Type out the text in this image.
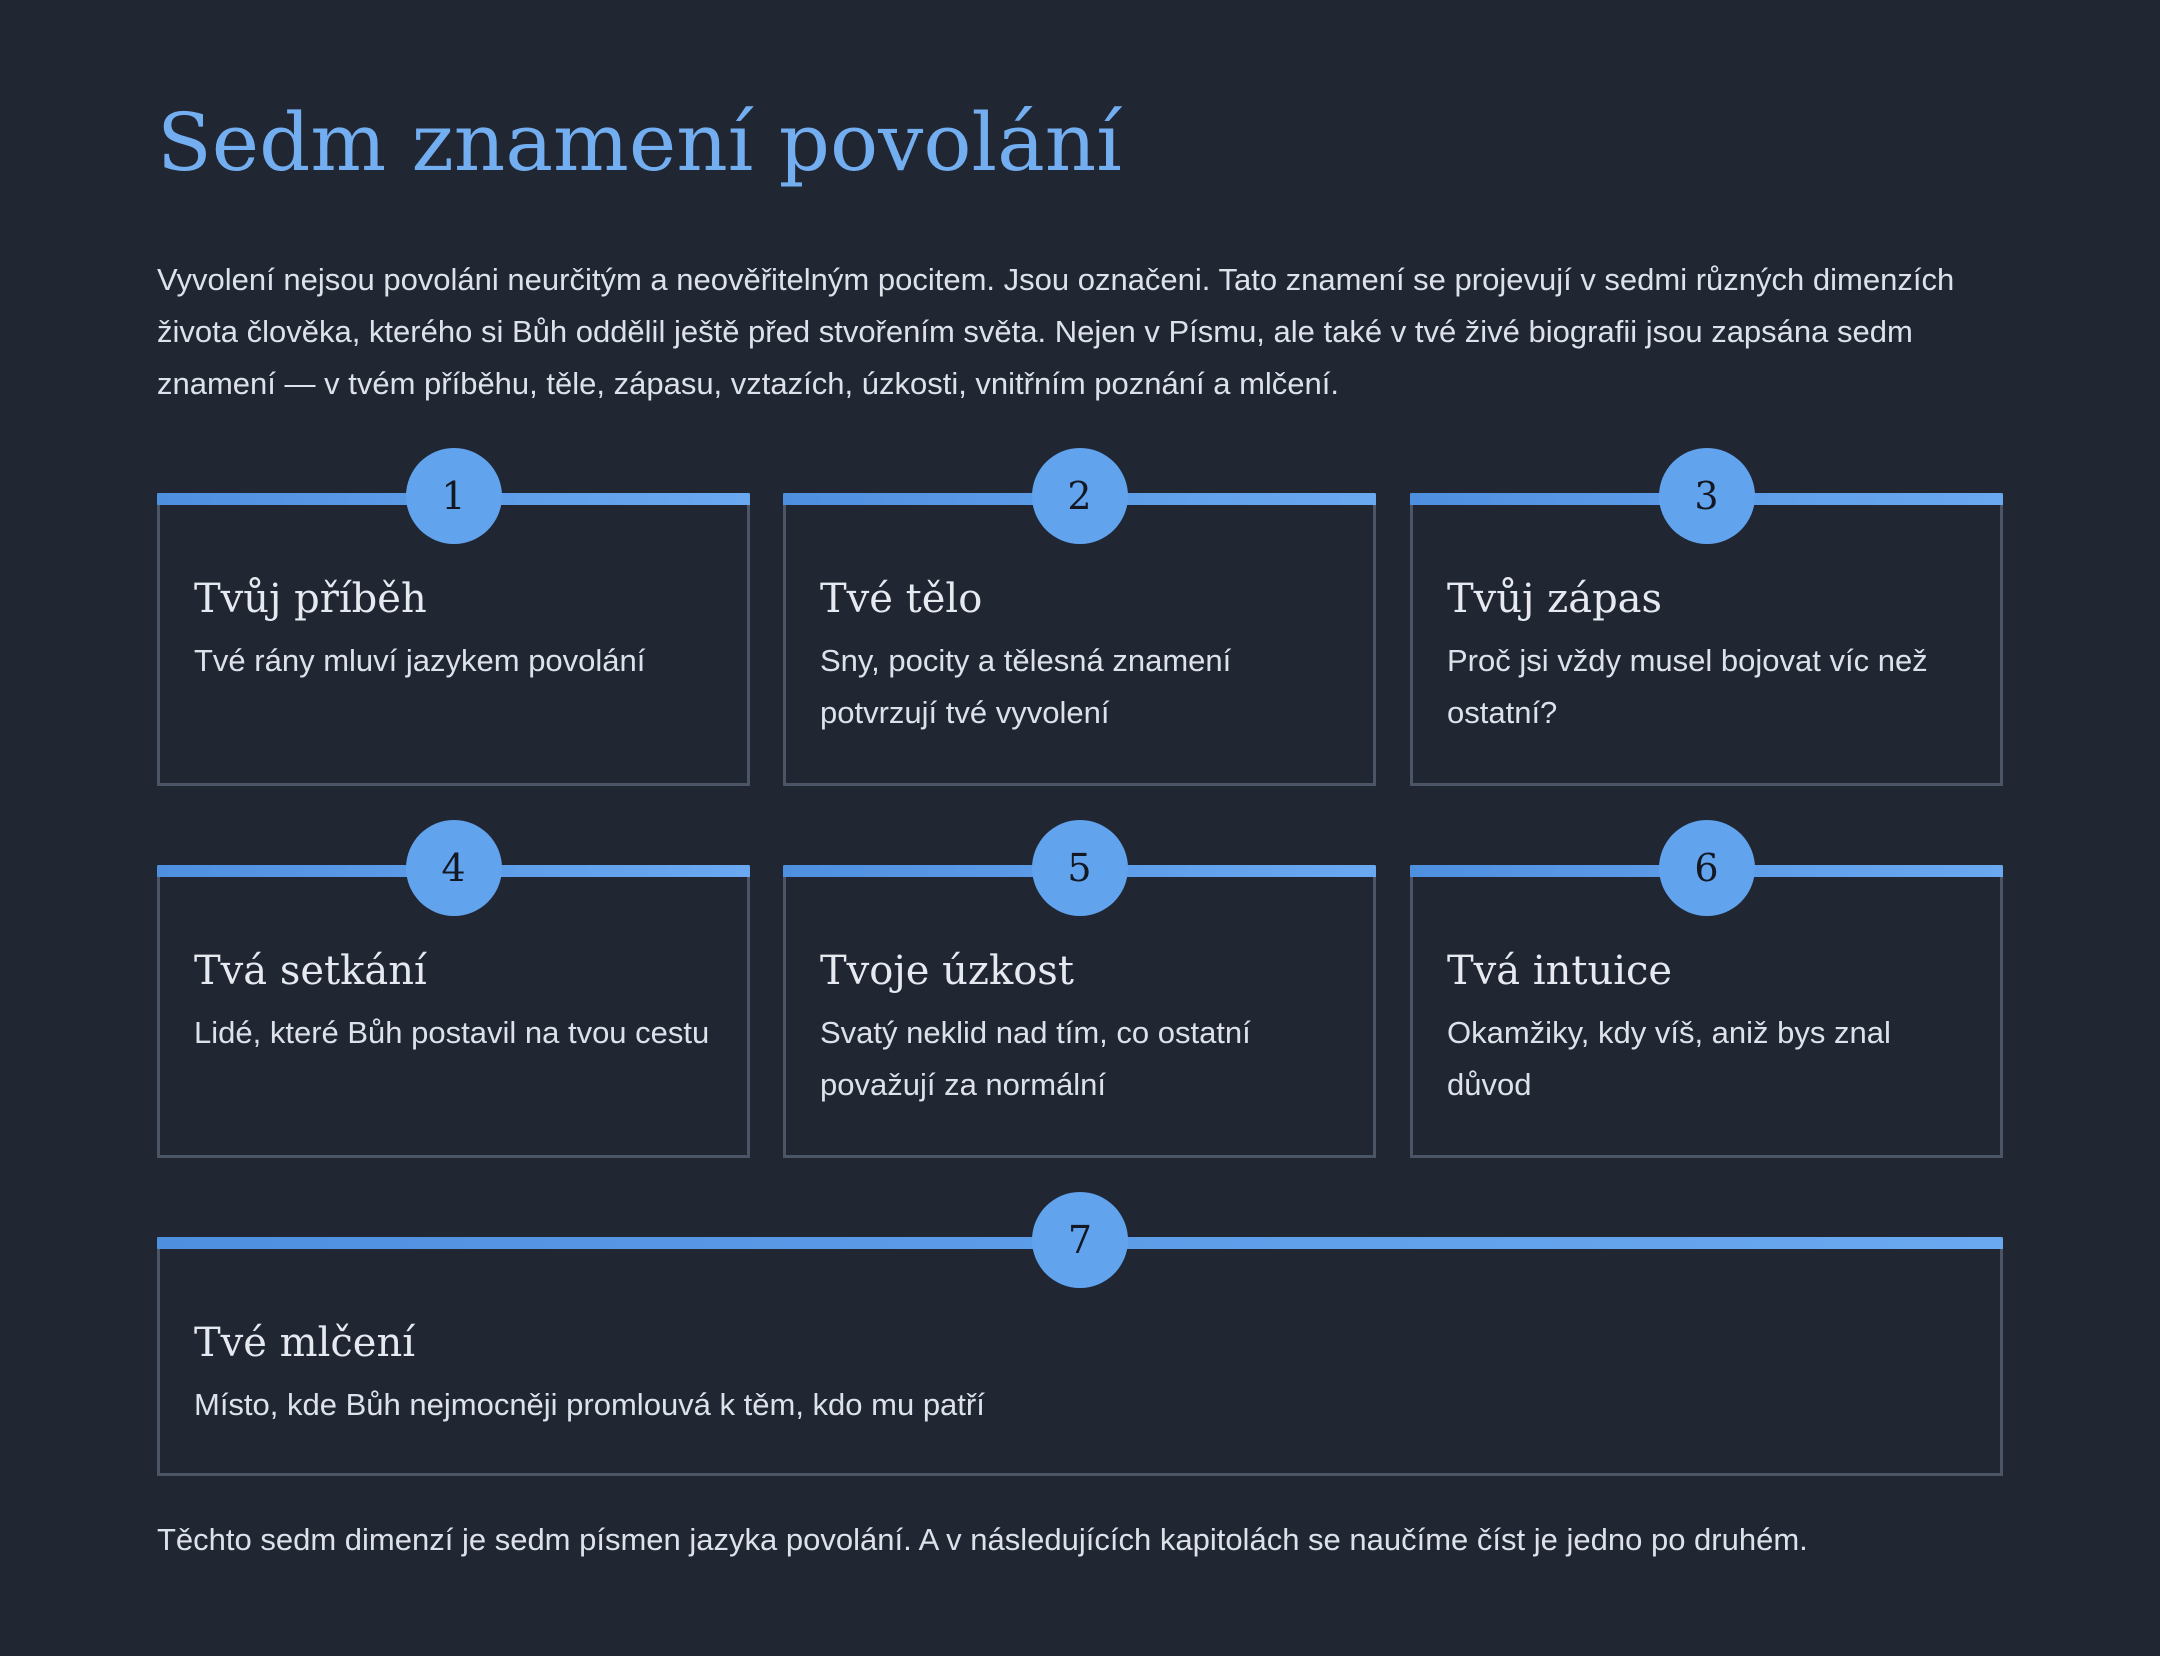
Sedm znamení povolání

Vyvolení nejsou povoláni neurčitým a neověřitelným pocitem. Jsou označeni. Tato znamení se projevují v sedmi různých dimenzích života člověka, kterého si Bůh oddělil ještě před stvořením světa. Nejen v Písmu, ale také v tvé živé biografii jsou zapsána sedm znamení — v tvém příběhu, těle, zápasu, vztazích, úzkosti, vnitřním poznání a mlčení.

1
Tvůj příběh

Tvé rány mluví jazykem povolání

2
Tvé tělo

Sny, pocity a tělesná znamení potvrzují tvé vyvolení

3
Tvůj zápas

Proč jsi vždy musel bojovat víc než ostatní?

4
Tvá setkání

Lidé, které Bůh postavil na tvou cestu

5
Tvoje úzkost

Svatý neklid nad tím, co ostatní považují za normální

6
Tvá intuice

Okamžiky, kdy víš, aniž bys znal důvod

7
Tvé mlčení

Místo, kde Bůh nejmocněji promlouvá k těm, kdo mu patří

Těchto sedm dimenzí je sedm písmen jazyka povolání. A v následujících kapitolách se naučíme číst je jedno po druhém.
